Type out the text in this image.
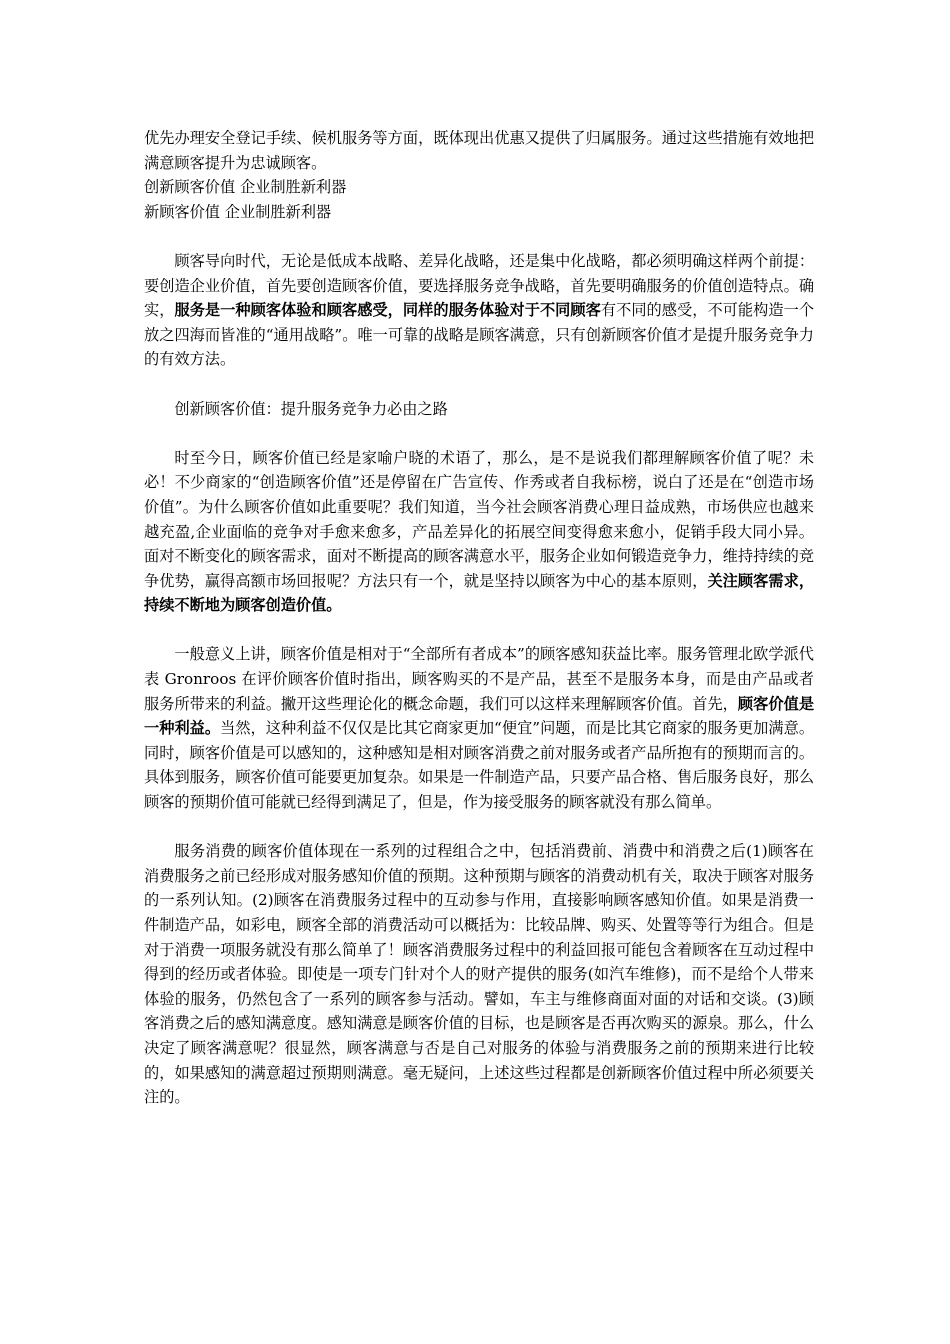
优先办理安全登记手续、候机服务等方面，既体现出优惠又提供了归属服务。通过这些措施有效地把满意顾客提升为忠诚顾客。

创新顾客价值 企业制胜新利器

新顾客价值 企业制胜新利器

顾客导向时代，无论是低成本战略、差异化战略，还是集中化战略，都必须明确这样两个前提：要创造企业价值，首先要创造顾客价值，要选择服务竞争战略，首先要明确服务的价值创造特点。确实，服务是一种顾客体验和顾客感受，同样的服务体验对于不同顾客有不同的感受，不可能构造一个放之四海而皆准的“通用战略”。唯一可靠的战略是顾客满意，只有创新顾客价值才是提升服务竞争力的有效方法。

创新顾客价值：提升服务竞争力必由之路

时至今日，顾客价值已经是家喻户晓的术语了，那么，是不是说我们都理解顾客价值了呢？未必！不少商家的“创造顾客价值”还是停留在广告宣传、作秀或者自我标榜，说白了还是在“创造市场价值”。为什么顾客价值如此重要呢？我们知道，当今社会顾客消费心理日益成熟，市场供应也越来越充盈,企业面临的竞争对手愈来愈多，产品差异化的拓展空间变得愈来愈小，促销手段大同小异。面对不断变化的顾客需求，面对不断提高的顾客满意水平，服务企业如何锻造竞争力，维持持续的竞争优势，赢得高额市场回报呢？方法只有一个，就是坚持以顾客为中心的基本原则，关注顾客需求，持续不断地为顾客创造价值。

一般意义上讲，顾客价值是相对于“全部所有者成本”的顾客感知获益比率。服务管理北欧学派代表 Gronroos 在评价顾客价值时指出，顾客购买的不是产品，甚至不是服务本身，而是由产品或者服务所带来的利益。撇开这些理论化的概念命题，我们可以这样来理解顾客价值。首先，顾客价值是一种利益。当然，这种利益不仅仅是比其它商家更加“便宜”问题，而是比其它商家的服务更加满意。同时，顾客价值是可以感知的，这种感知是相对顾客消费之前对服务或者产品所抱有的预期而言的。具体到服务，顾客价值可能要更加复杂。如果是一件制造产品，只要产品合格、售后服务良好，那么顾客的预期价值可能就已经得到满足了，但是，作为接受服务的顾客就没有那么简单。

服务消费的顾客价值体现在一系列的过程组合之中，包括消费前、消费中和消费之后(1)顾客在消费服务之前已经形成对服务感知价值的预期。这种预期与顾客的消费动机有关，取决于顾客对服务的一系列认知。(2)顾客在消费服务过程中的互动参与作用，直接影响顾客感知价值。如果是消费一件制造产品，如彩电，顾客全部的消费活动可以概括为：比较品牌、购买、处置等等行为组合。但是对于消费一项服务就没有那么简单了！顾客消费服务过程中的利益回报可能包含着顾客在互动过程中得到的经历或者体验。即使是一项专门针对个人的财产提供的服务(如汽车维修)，而不是给个人带来体验的服务，仍然包含了一系列的顾客参与活动。譬如，车主与维修商面对面的对话和交谈。(3)顾客消费之后的感知满意度。感知满意是顾客价值的目标，也是顾客是否再次购买的源泉。那么，什么决定了顾客满意呢？很显然，顾客满意与否是自己对服务的体验与消费服务之前的预期来进行比较的，如果感知的满意超过预期则满意。毫无疑问，上述这些过程都是创新顾客价值过程中所必须要关注的。
